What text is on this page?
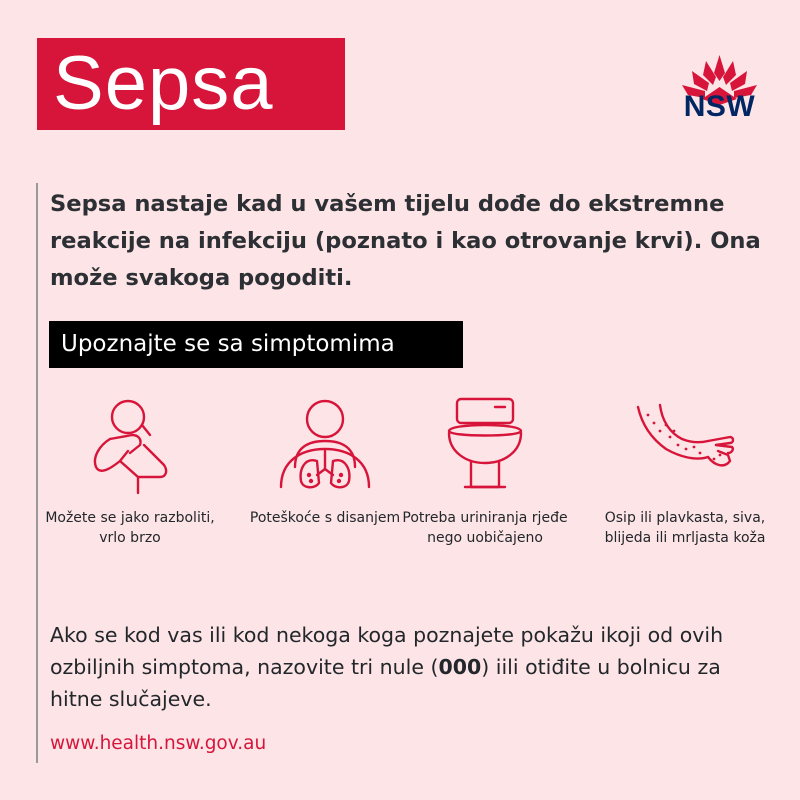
Sepsa	NSW
Sepsa nastaje kad u vašem tijelu dođe do ekstremne reakcije na infekciju (poznato i kao otrovanje krvi). Ona može svakoga pogoditi.
Upoznajte se sa simptomima
Možete se jako razboliti, vrlo brzo
Poteškoće s disanjem Potreba uriniranja rjeđe nego uobičajeno
Osip ili plavkasta, siva, blijeda ili mrljasta koža
Ako se kod vas ili kod nekoga koga poznajete pokažu ikoji od ovih ozbiljnih simptoma, nazovite tri nule (000) iili otiđite u bolnicu za hitne slučajeve.
www.health.nsw.gov.au
